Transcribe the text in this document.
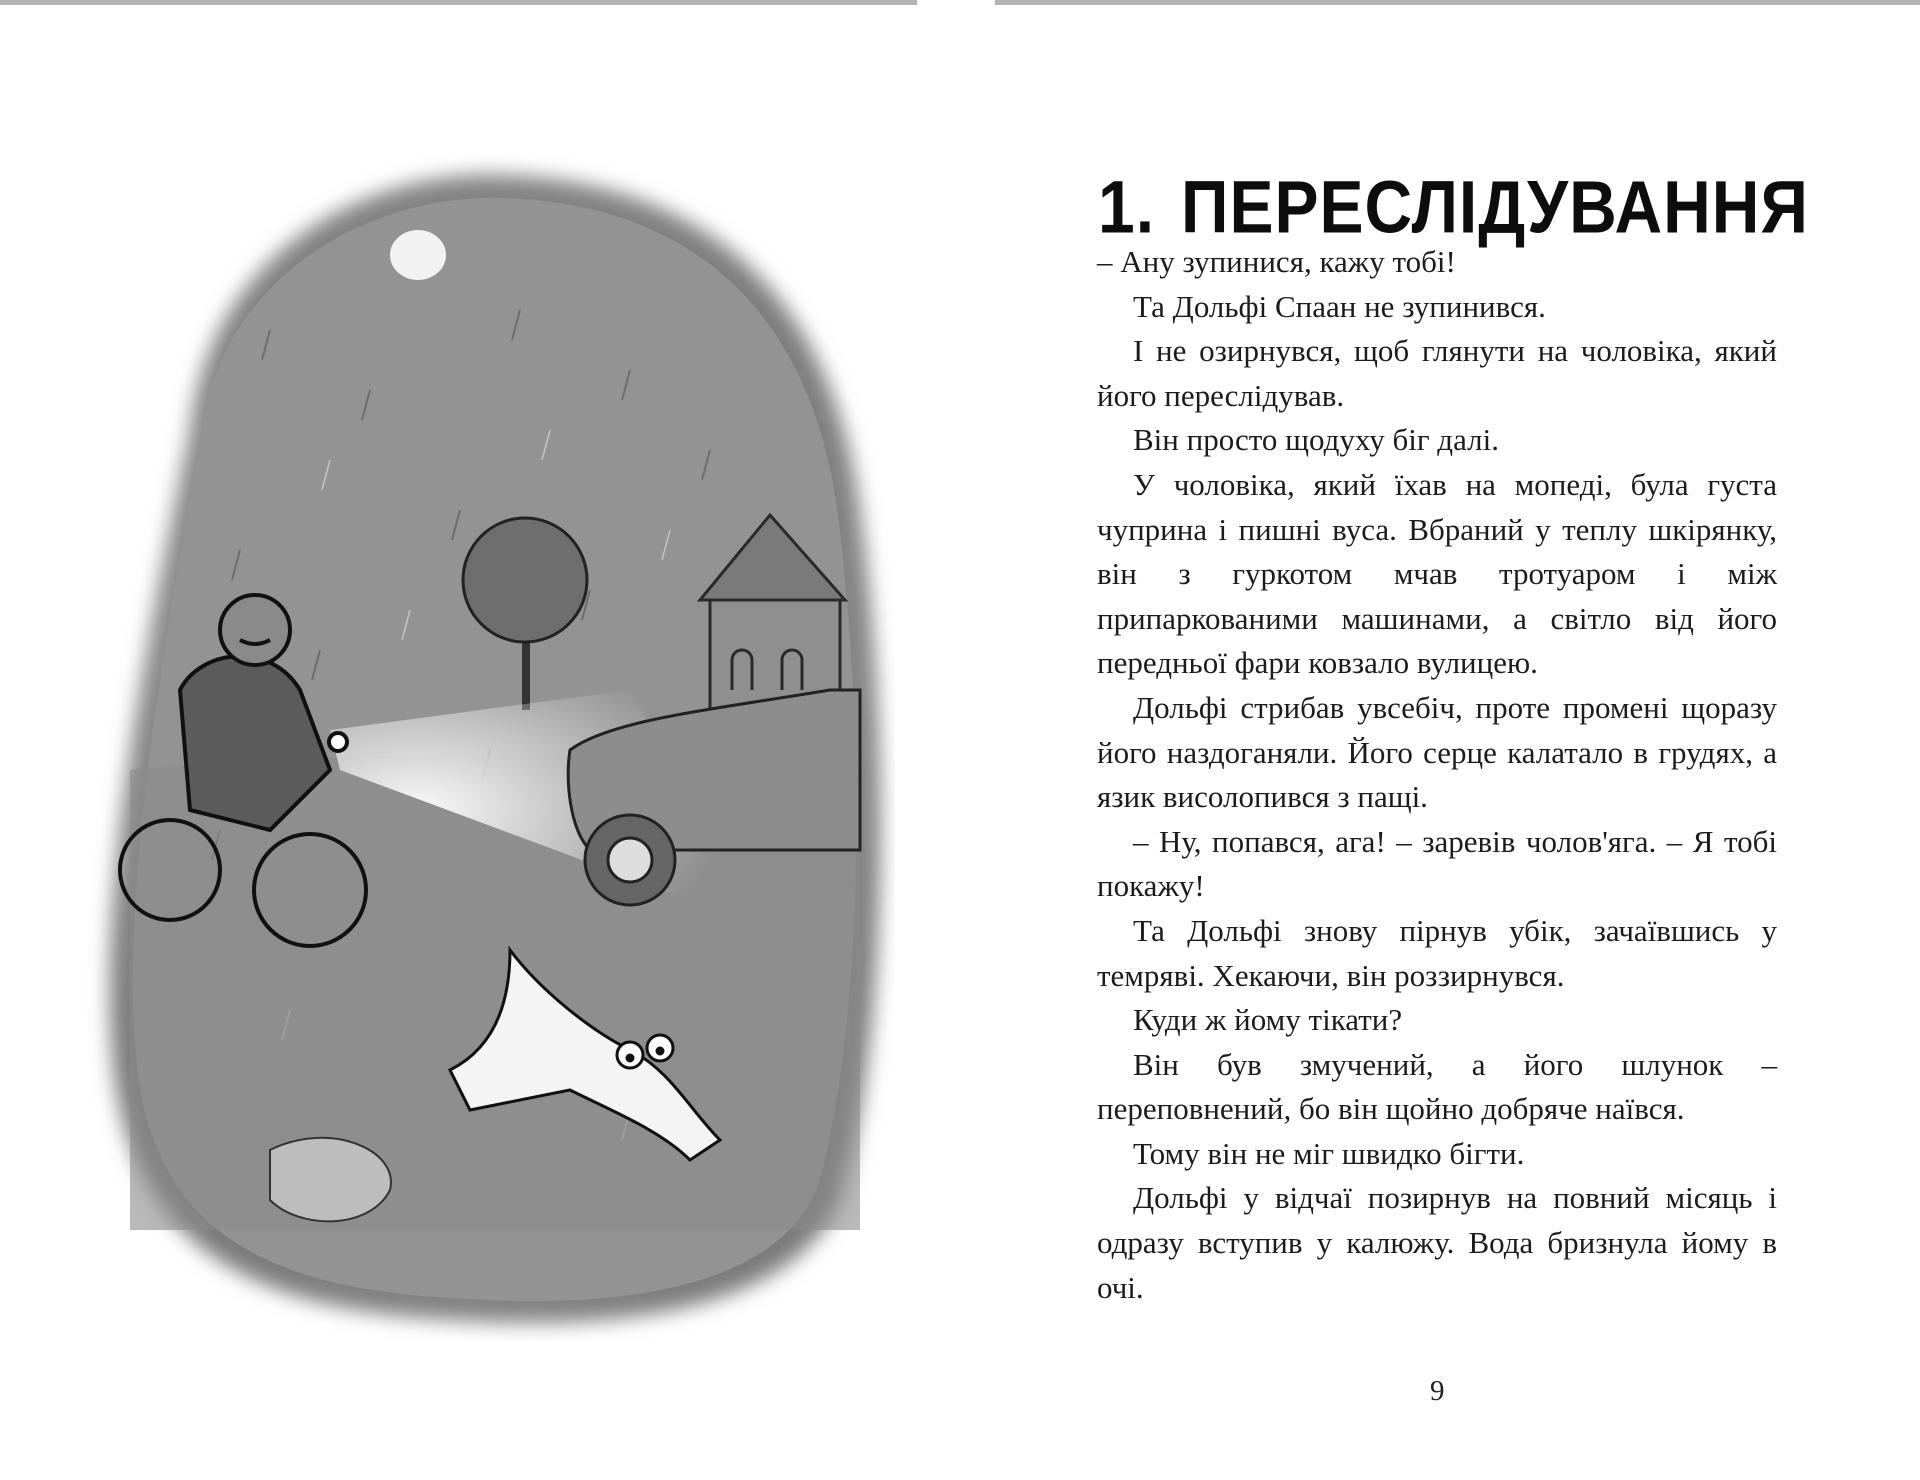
1. ПЕРЕСЛІДУВАННЯ

– Ану зупинися, кажу тобі!

Та Дольфі Спаан не зупинився.

І не озирнувся, щоб глянути на чоловіка, який його переслідував.

Він просто щодуху біг далі.

У чоловіка, який їхав на мопеді, була густа чуприна і пишні вуса. Вбраний у теплу шкірянку, він з гуркотом мчав тротуаром і між припаркованими машинами, а світло від його передньої фари ковзало вулицею.

Дольфі стрибав увсебіч, проте промені щоразу його наздоганяли. Його серце калатало в грудях, а язик висолопився з пащі.

– Ну, попався, ага! – заревів чолов'яга. – Я тобі покажу!

Та Дольфі знову пірнув убік, зачаївшись у темряві. Хекаючи, він роззирнувся.

Куди ж йому тікати?

Він був змучений, а його шлунок – переповнений, бо він щойно добряче наївся.

Тому він не міг швидко бігти.

Дольфі у відчаї позирнув на повний місяць і одразу вступив у калюжу. Вода бризнула йому в очі.

9
